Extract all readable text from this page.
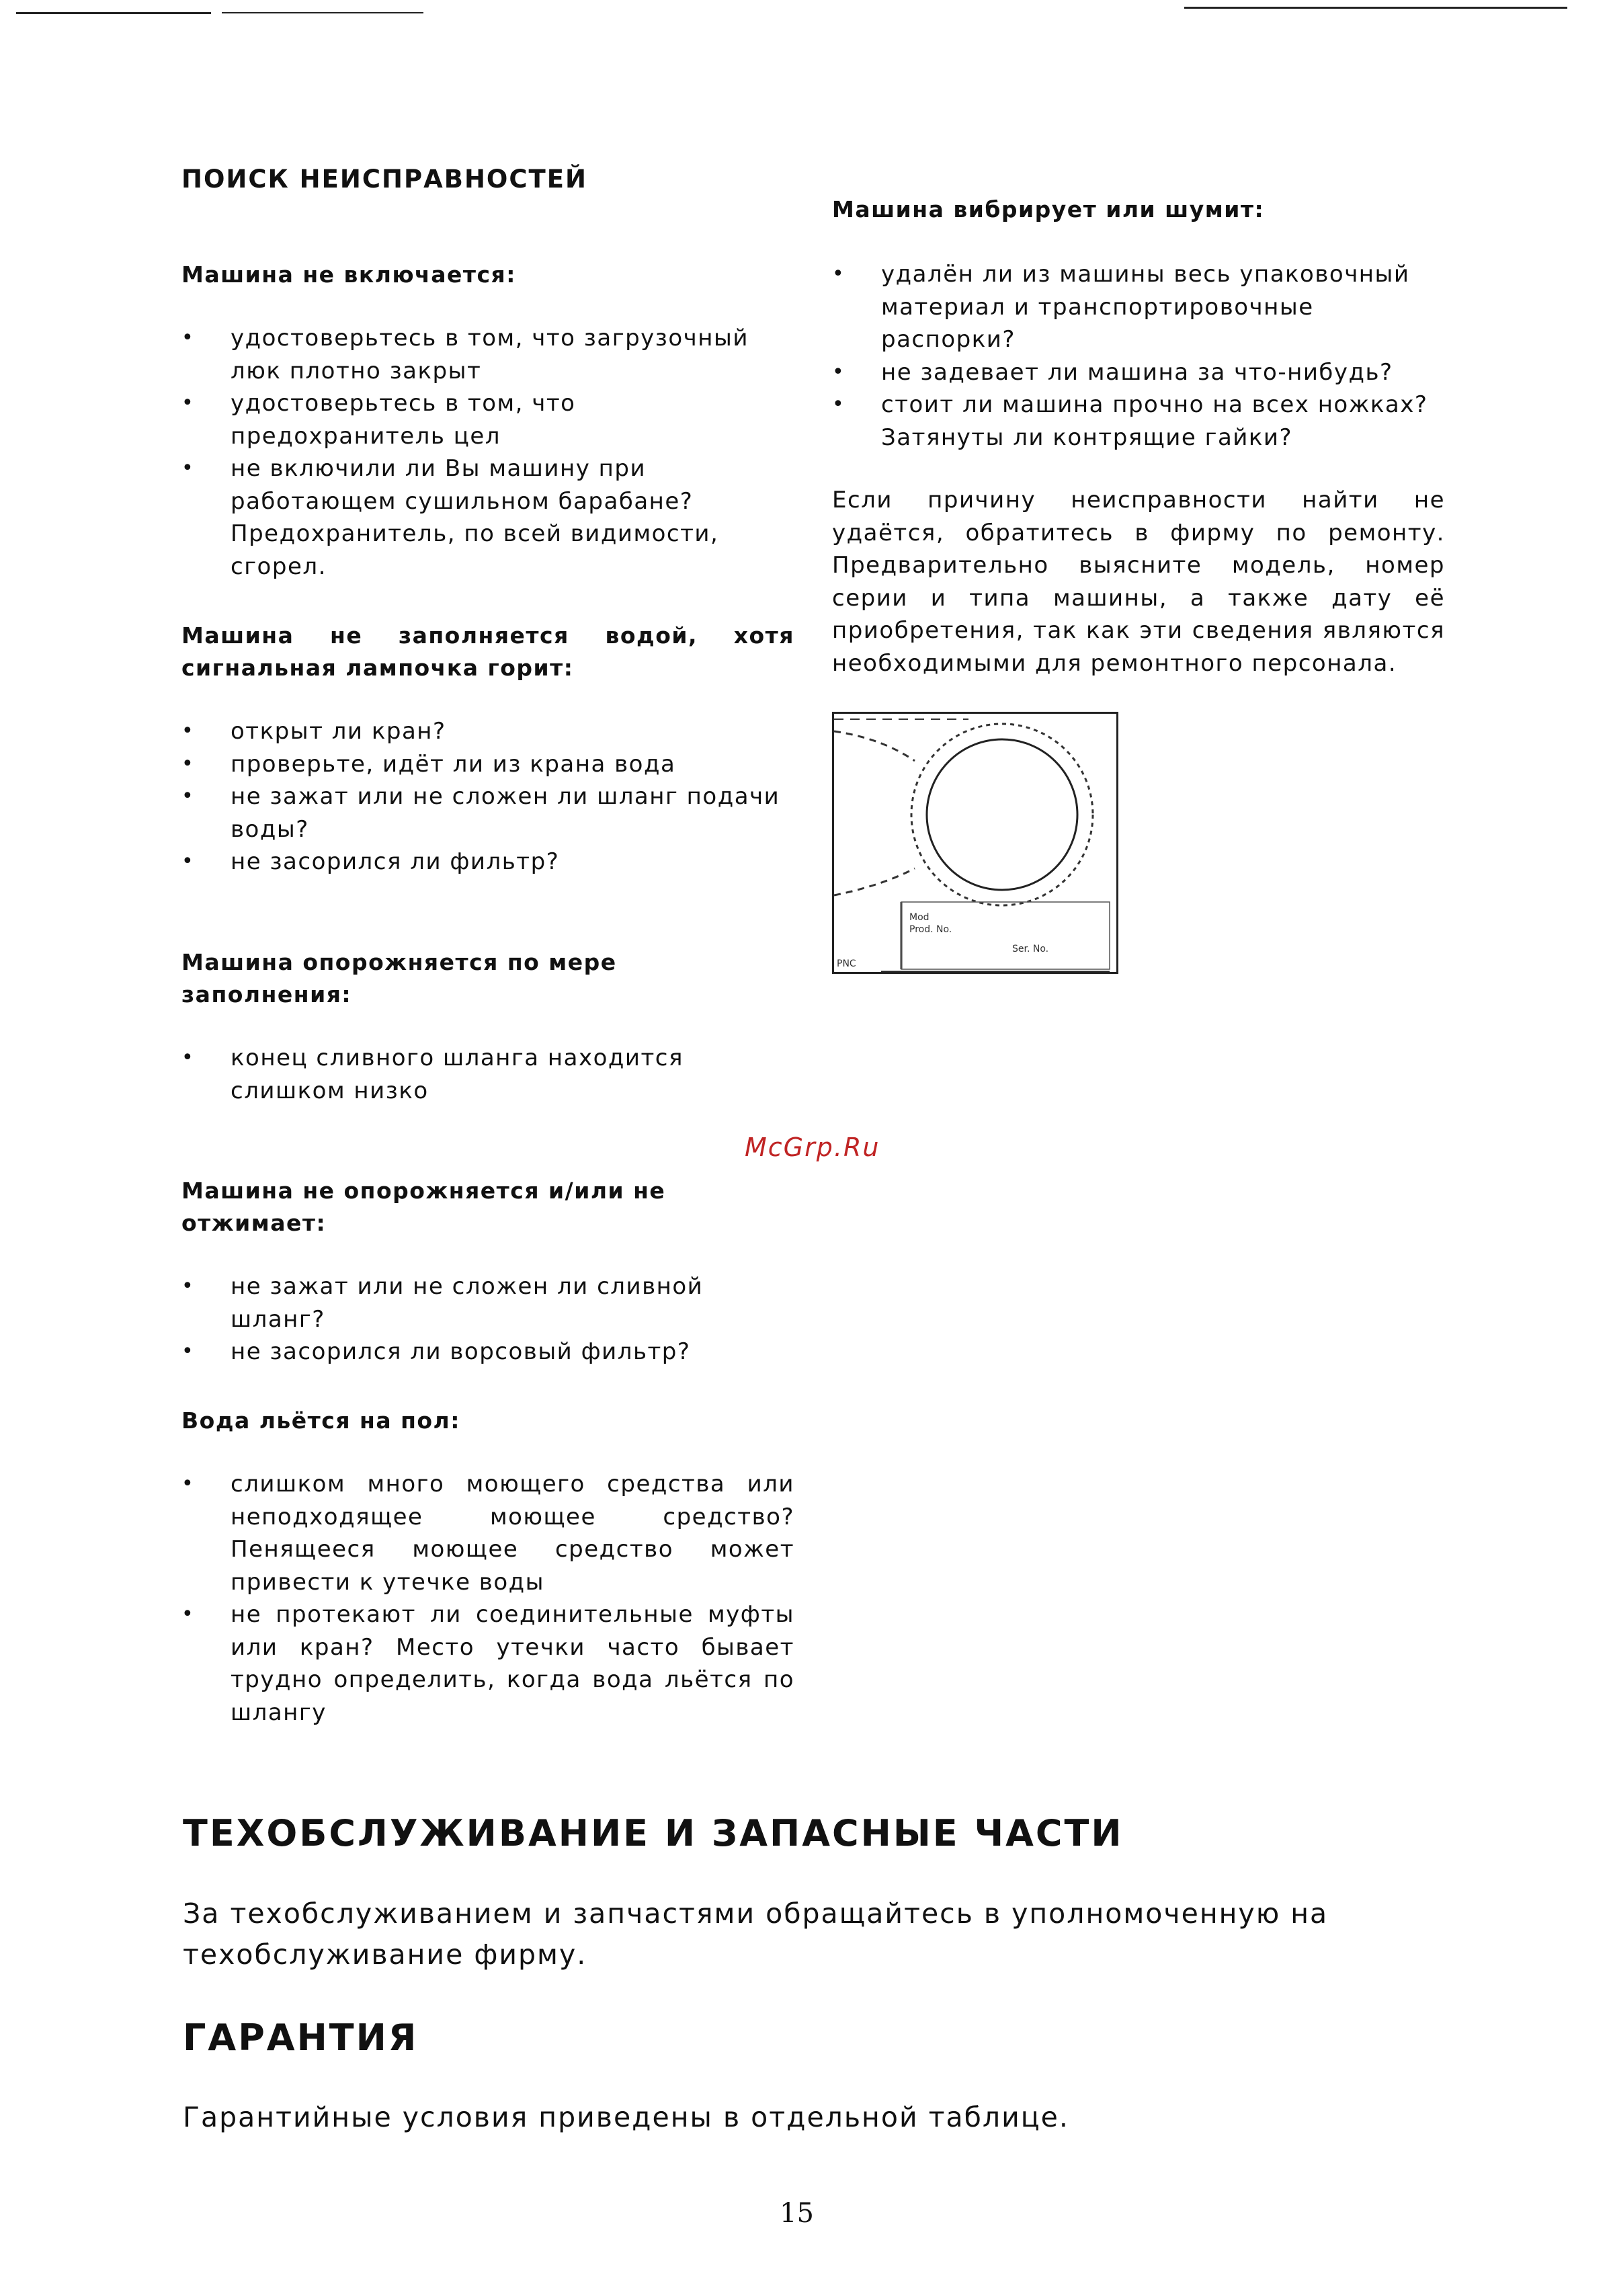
ПОИСК НЕИСПРАВНОСТЕЙ
Машина не включается:
• удостоверьтесь в том, что загрузочный люк плотно закрыт
• удостоверьтесь в том, что предохранитель цел
• не включили ли Вы машину при работающем сушильном барабане? Предохранитель, по всей видимости, сгорел.
Машина не заполняется водой, хотя сигнальная лампочка горит:
• открыт ли кран?
• проверьте, идёт ли из крана вода
• не зажат или не сложен ли шланг подачи воды?
• не засорился ли фильтр?
Машина опорожняется по мере заполнения:
• конец сливного шланга находится слишком низко
Машина не опорожняется и/или не отжимает:
• не зажат или не сложен ли сливной шланг?
• не засорился ли ворсовый фильтр?
Вода льётся на пол:
• слишком много моющего средства или неподходящее моющее средство? Пенящееся моющее средство может привести к утечке воды
• не протекают ли соединительные муфты или кран? Место утечки часто бывает трудно определить, когда вода льётся по шлангу
Машина вибрирует или шумит:
• удалён ли из машины весь упаковочный материал и транспортировочные распорки?
• не задевает ли машина за что-нибудь?
• стоит ли машина прочно на всех ножках? Затянуты ли контрящие гайки?
Если причину неисправности найти не удаётся, обратитесь в фирму по ремонту. Предварительно выясните модель, номер серии и типа машины, а также дату её приобретения, так как эти сведения являются необходимыми для ремонтного персонала.
Mod
Prod. No.
Ser. No.
PNC
McGrp.Ru
ТЕХОБСЛУЖИВАНИЕ И ЗАПАСНЫЕ ЧАСТИ
За техобслуживанием и запчастями обращайтесь в уполномоченную на техобслуживание фирму.
ГАРАНТИЯ
Гарантийные условия приведены в отдельной таблице.
15
